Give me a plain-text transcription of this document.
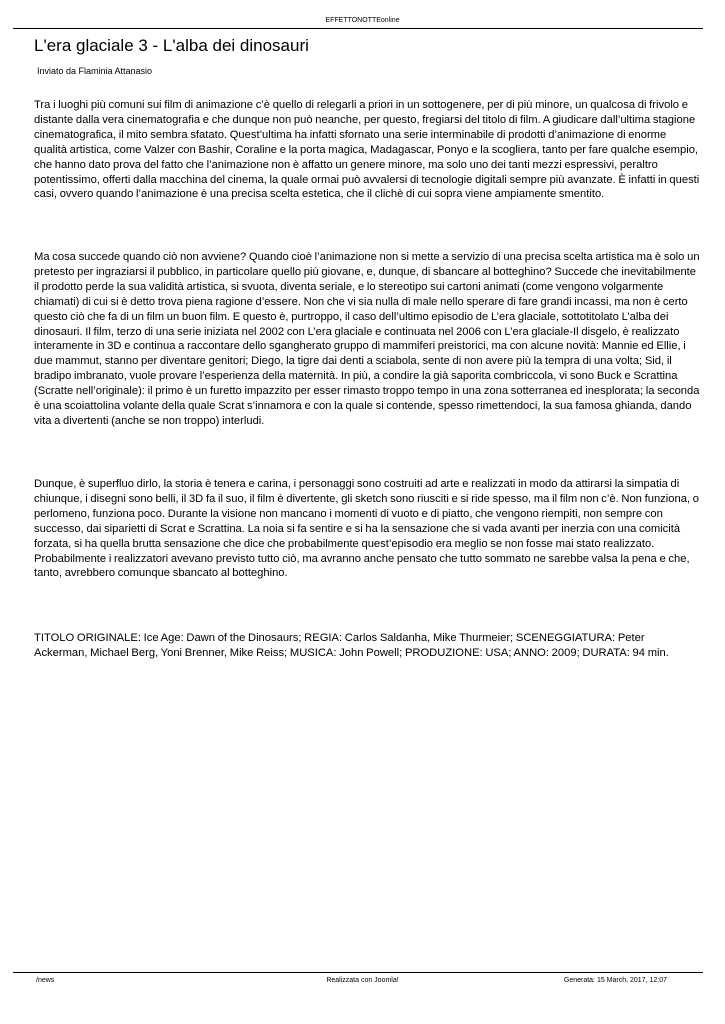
EFFETTONOTTEonline
L'era glaciale 3 - L'alba dei dinosauri
Inviato da Flaminia Attanasio

Tra i luoghi più comuni sui film di animazione c’è quello di relegarli a priori in un sottogenere, per di più minore, un qualcosa di frivolo e distante dalla vera cinematografia e che dunque non può neanche, per questo, fregiarsi del titolo di film. A giudicare dall’ultima stagione cinematografica, il mito sembra sfatato. Quest’ultima ha infatti sfornato una serie interminabile di prodotti d’animazione di enorme qualità artistica, come Valzer con Bashir, Coraline e la porta magica, Madagascar, Ponyo e la scogliera, tanto per fare qualche esempio, che hanno dato prova del fatto che l’animazione non è affatto un genere minore, ma solo uno dei tanti mezzi espressivi, peraltro potentissimo, offerti dalla macchina del cinema, la quale ormai può avvalersi di tecnologie digitali sempre più avanzate. È infatti in questi casi, ovvero quando l’animazione è una precisa scelta estetica, che il clichè di cui sopra viene ampiamente smentito.

Ma cosa succede quando ciò non avviene? Quando cioè l’animazione non si mette a servizio di una precisa scelta artistica ma è solo un pretesto per ingraziarsi il pubblico, in particolare quello più giovane, e, dunque, di sbancare al botteghino? Succede che inevitabilmente il prodotto perde la sua validità artistica, si svuota, diventa seriale, e lo stereotipo sui cartoni animati (come vengono volgarmente chiamati) di cui si è detto trova piena ragione d’essere. Non che vi sia nulla di male nello sperare di fare grandi incassi, ma non è certo questo ciò che fa di un film un buon film. E questo è, purtroppo, il caso dell’ultimo episodio de L’era glaciale, sottotitolato L’alba dei dinosauri. Il film, terzo di una serie iniziata nel 2002 con L’era glaciale e continuata nel 2006 con L’era glaciale-Il disgelo, è realizzato interamente in 3D e continua a raccontare dello sgangherato gruppo di mammiferi preistorici, ma con alcune novità: Mannie ed Ellie, i due mammut, stanno per diventare genitori; Diego, la tigre dai denti a sciabola, sente di non avere più la tempra di una volta; Sid, il bradipo imbranato, vuole provare l’esperienza della maternità. In più, a condire la già saporita combriccola, vi sono Buck e Scrattina (Scratte nell’originale): il primo è un furetto impazzito per esser rimasto troppo tempo in una zona sotterranea ed inesplorata; la seconda è una scoiattolina volante della quale Scrat s’innamora e con la quale si contende, spesso rimettendoci, la sua famosa ghianda, dando vita a divertenti (anche se non troppo) interludi.

Dunque, è superfluo dirlo, la storia è tenera e carina, i personaggi sono costruiti ad arte e realizzati in modo da attirarsi la simpatia di chiunque, i disegni sono belli, il 3D fa il suo, il film è divertente, gli sketch sono riusciti e si ride spesso, ma il film non c’è. Non funziona, o perlomeno, funziona poco. Durante la visione non mancano i momenti di vuoto e di piatto, che vengono riempiti, non sempre con successo, dai siparietti di Scrat e Scrattina. La noia si fa sentire e si ha la sensazione che si vada avanti per inerzia con una comicità forzata, si ha quella brutta sensazione che dice che probabilmente quest’episodio era meglio se non fosse mai stato realizzato. Probabilmente i realizzatori avevano previsto tutto ciò, ma avranno anche pensato che tutto sommato ne sarebbe valsa la pena e che, tanto, avrebbero comunque sbancato al botteghino.

TITOLO ORIGINALE: Ice Age: Dawn of the Dinosaurs; REGIA: Carlos Saldanha, Mike Thurmeier; SCENEGGIATURA: Peter Ackerman, Michael Berg, Yoni Brenner, Mike Reiss; MUSICA: John Powell; PRODUZIONE: USA; ANNO: 2009; DURATA: 94 min.

/news	Realizzata con Joomla!	Generata: 15 March, 2017, 12:07
